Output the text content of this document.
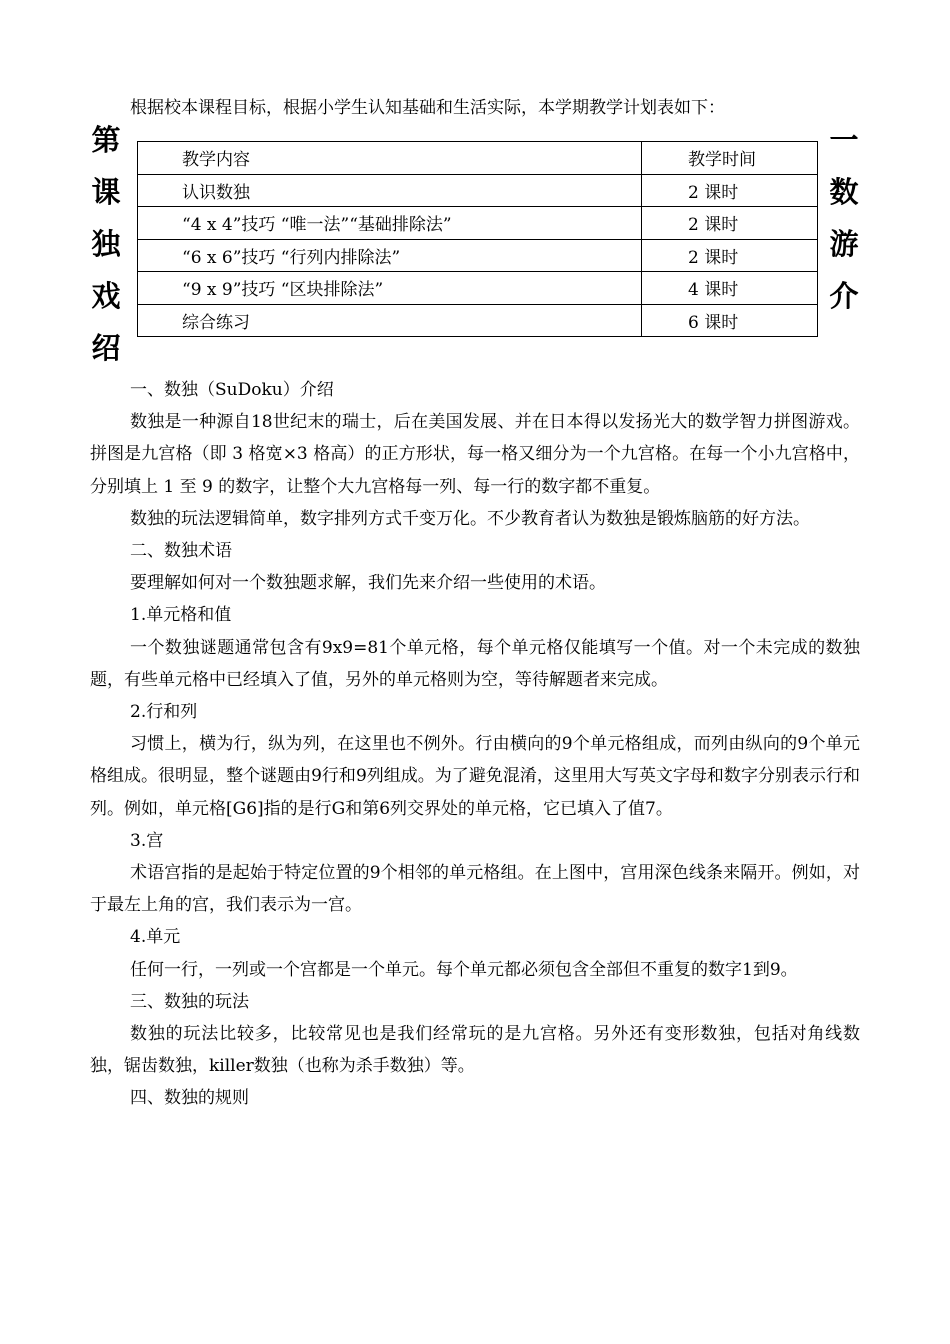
根据校本课程目标，根据小学生认知基础和生活实际，本学期教学计划表如下：
第
课
独
戏
绍
一
数
游
介
教学内容	教学时间
认识数独	2 课时
“4 x 4”技巧 “唯一法”“基础排除法”	2 课时
“6 x 6”技巧 “行列内排除法”	2 课时
“9 x 9”技巧 “区块排除法”	4 课时
综合练习	6 课时

一、数独（SuDoku）介绍

数独是一种源自18世纪末的瑞士，后在美国发展、并在日本得以发扬光大的数学智力拼图游戏。拼图是九宫格（即 3 格宽×3 格高）的正方形状，每一格又细分为一个九宫格。在每一个小九宫格中，分别填上 1 至 9 的数字，让整个大九宫格每一列、每一行的数字都不重复。

数独的玩法逻辑简单，数字排列方式千变万化。不少教育者认为数独是锻炼脑筋的好方法。

二、数独术语

要理解如何对一个数独题求解，我们先来介绍一些使用的术语。

1.单元格和值

一个数独谜题通常包含有9x9=81个单元格，每个单元格仅能填写一个值。对一个未完成的数独题，有些单元格中已经填入了值，另外的单元格则为空，等待解题者来完成。

2.行和列

习惯上，横为行，纵为列，在这里也不例外。行由横向的9个单元格组成，而列由纵向的9个单元格组成。很明显，整个谜题由9行和9列组成。为了避免混淆，这里用大写英文字母和数字分别表示行和列。例如，单元格[G6]指的是行G和第6列交界处的单元格，它已填入了值7。

3.宫

术语宫指的是起始于特定位置的9个相邻的单元格组。在上图中，宫用深色线条来隔开。例如，对于最左上角的宫，我们表示为一宫。

4.单元

任何一行，一列或一个宫都是一个单元。每个单元都必须包含全部但不重复的数字1到9。

三、数独的玩法

数独的玩法比较多，比较常见也是我们经常玩的是九宫格。另外还有变形数独，包括对角线数独，锯齿数独，killer数独（也称为杀手数独）等。

四、数独的规则
